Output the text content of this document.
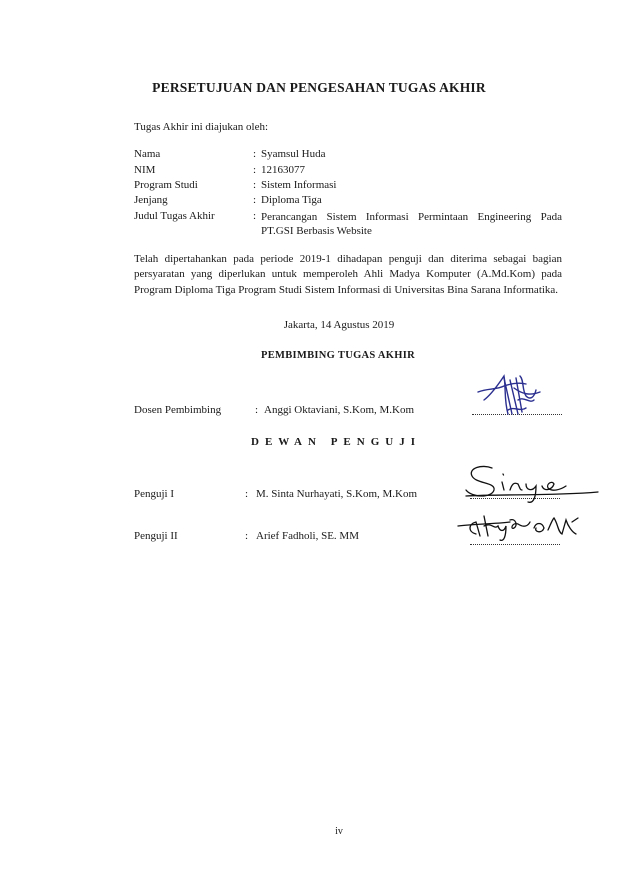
PERSETUJUAN DAN PENGESAHAN TUGAS AKHIR
Tugas Akhir ini diajukan oleh:
Nama	: Syamsul Huda
NIM	: 12163077
Program Studi	: Sistem Informasi
Jenjang	: Diploma Tiga
Judul Tugas Akhir	: Perancangan Sistem Informasi Permintaan Engineering Pada PT.GSI Berbasis Website
Telah dipertahankan pada periode 2019-1 dihadapan penguji dan diterima sebagai bagian persyaratan yang diperlukan untuk memperoleh Ahli Madya Komputer (A.Md.Kom) pada Program Diploma Tiga Program Studi Sistem Informasi di Universitas Bina Sarana Informatika.
Jakarta, 14 Agustus 2019
PEMBIMBING TUGAS AKHIR
Dosen Pembimbing	: Anggi Oktaviani, S.Kom, M.Kom
DEWAN PENGUJI
Penguji I	: M. Sinta Nurhayati, S.Kom, M.Kom
Penguji II	: Arief Fadholi, SE. MM
iv
